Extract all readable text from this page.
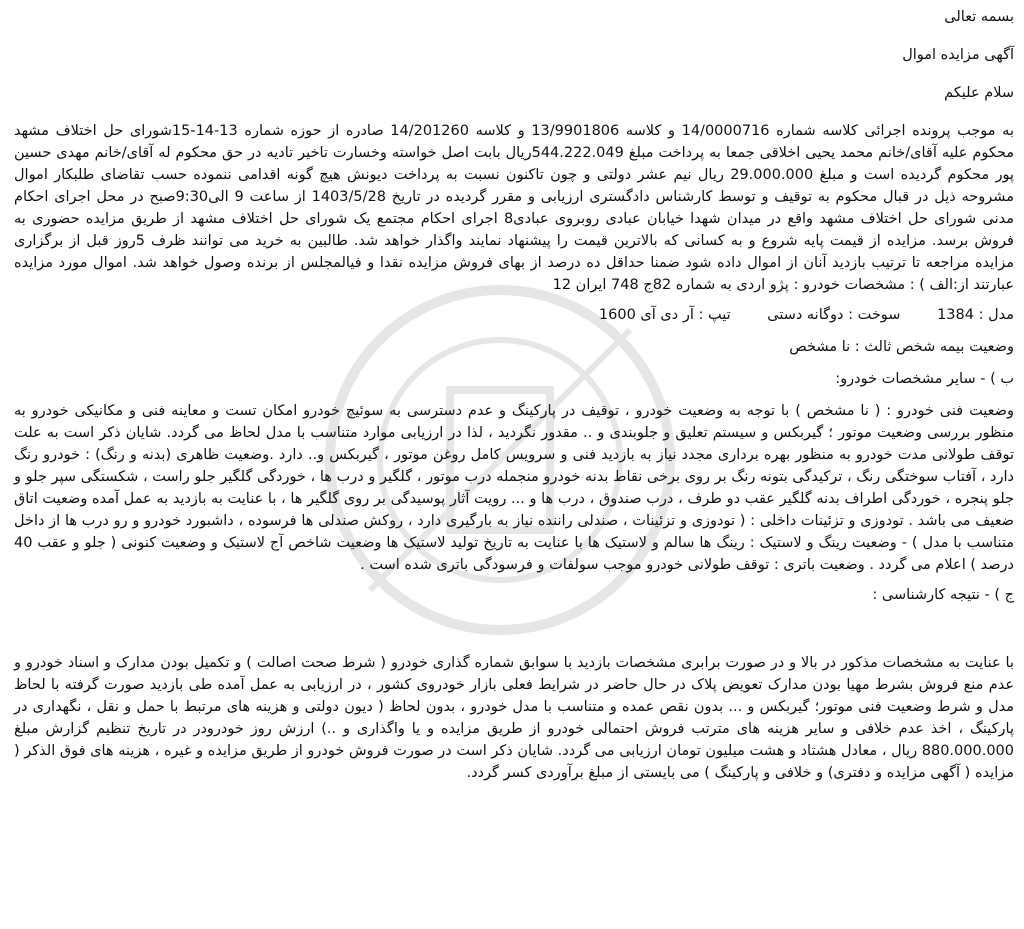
بسمه تعالی

آگهی مزایده اموال

سلام علیکم

به موجب پرونده اجرائی کلاسه شماره 14/0000716 و کلاسه 13/9901806 و کلاسه 14/201260 صادره از حوزه شماره 13-14-15شورای حل اختلاف مشهد محکوم علیه آقای/خانم محمد یحیی اخلاقی جمعا به پرداخت مبلغ 544.222.049ریال بابت اصل خواسته وخسارت تاخیر تادیه در حق محکوم له آقای/خانم مهدی حسین پور محکوم گردیده است و مبلغ 29.000.000 ریال نیم عشر دولتی و چون تاکنون نسبت به پرداخت دیونش هیچ گونه اقدامی ننموده حسب تقاضای طلبکار اموال مشروحه ذیل در قبال محکوم به توقیف و توسط کارشناس دادگستری ارزیابی و مقرر گردیده در تاریخ 1403/5/28 از ساعت 9 الی9:30صبح در محل اجرای احکام مدنی شورای حل اختلاف مشهد واقع در میدان شهدا خیابان عبادی روبروی عبادی8 اجرای احکام مجتمع یک شورای حل اختلاف مشهد از طریق مزایده حضوری به فروش برسد. مزایده از قیمت پایه شروع و به کسانی که بالاترین قیمت را پیشنهاد نمایند واگذار خواهد شد. طالبین به خرید می توانند ظرف 5روز قبل از برگزاری مزایده مراجعه تا ترتیب بازدید آنان از اموال داده شود ضمنا حداقل ده درصد از بهای فروش مزایده نقدا و فیالمجلس از برنده وصول خواهد شد. اموال مورد مزایده عبارتند از:الف ) : مشخصات خودرو : پژو اردی به شماره 82ج 748 ایران 12

مدل : 1384 سوخت : دوگانه دستی تیپ : آر دی آی 1600

وضعیت بیمه شخص ثالث : نا مشخص

ب ) - سایر مشخصات خودرو:

وضعیت فنی خودرو : ( نا مشخص ) با توجه به وضعیت خودرو ، توقیف در پارکینگ و عدم دسترسی به سوئیچ خودرو امکان تست و معاینه فنی و مکانیکی خودرو به منظور بررسی وضعیت موتور ؛ گیربکس و سیستم تعلیق و جلوبندی و .. مقدور نگردید ، لذا در ارزیابی موارد متناسب با مدل لحاظ می گردد. شایان ذکر است به علت توقف طولانی مدت خودرو به منظور بهره برداری مجدد نیاز به بازدید فنی و سرویس کامل روغن موتور ، گیربکس و.. دارد .وضعیت ظاهری (بدنه و رنگ) : خودرو رنگ دارد ، آفتاب سوختگی رنگ ، ترکیدگی بتونه رنگ بر روی برخی نقاط بدنه خودرو منجمله درب موتور ، گلگیر و درب ها ، خوردگی گلگیر جلو راست ، شکستگی سپر جلو و جلو پنجره ، خوردگی اطراف بدنه گلگیر عقب دو طرف ، درب صندوق ، درب ها و ... رویت آثار پوسیدگی بر روی گلگیر ها ، با عنایت به بازدید به عمل آمده وضعیت اتاق ضعیف می باشد . تودوزی و تزئینات داخلی : ( تودوزی و تزئینات ، صندلی راننده نیاز به بارگیری دارد ، روکش صندلی ها فرسوده ، داشبورد خودرو و رو درب ها از داخل متناسب با مدل ) - وضعیت رینگ و لاستیک : رینگ ها سالم و لاستیک ها با عنایت به تاریخ تولید لاستیک ها وضعیت شاخص آج لاستیک و وضعیت کنونی ( جلو و عقب 40 درصد ) اعلام می گردد . وضعیت باتری : توقف طولانی خودرو موجب سولفات و فرسودگی باتری شده است .

ج ) - نتیجه کارشناسی :

با عنایت به مشخصات مذکور در بالا و در صورت برابری مشخصات بازدید با سوابق شماره گذاری خودرو ( شرط صحت اصالت ) و تکمیل بودن مدارک و اسناد خودرو و عدم منع فروش بشرط مهیا بودن مدارک تعویض پلاک در حال حاضر در شرایط فعلی بازار خودروی کشور ، در ارزیابی به عمل آمده طی بازدید صورت گرفته با لحاظ مدل و شرط وضعیت فنی موتور؛ گیربکس و ... بدون نقص عمده و متناسب با مدل خودرو ، بدون لحاظ ( دیون دولتی و هزینه های مرتبط با حمل و نقل ، نگهداری در پارکینگ ، اخذ عدم خلافی و سایر هزینه های مترتب فروش احتمالی خودرو از طریق مزایده و یا واگذاری و ..) ارزش روز خودرودر در تاریخ تنظیم گزارش مبلغ 880.000.000 ریال ، معادل هشتاد و هشت میلیون تومان ارزیابی می گردد. شایان ذکر است در صورت فروش خودرو از طریق مزایده و غیره ، هزینه های فوق الذکر ( مزایده ( آگهی مزایده و دفتری) و خلافی و پارکینگ ) می بایستی از مبلغ برآوردی کسر گردد.
